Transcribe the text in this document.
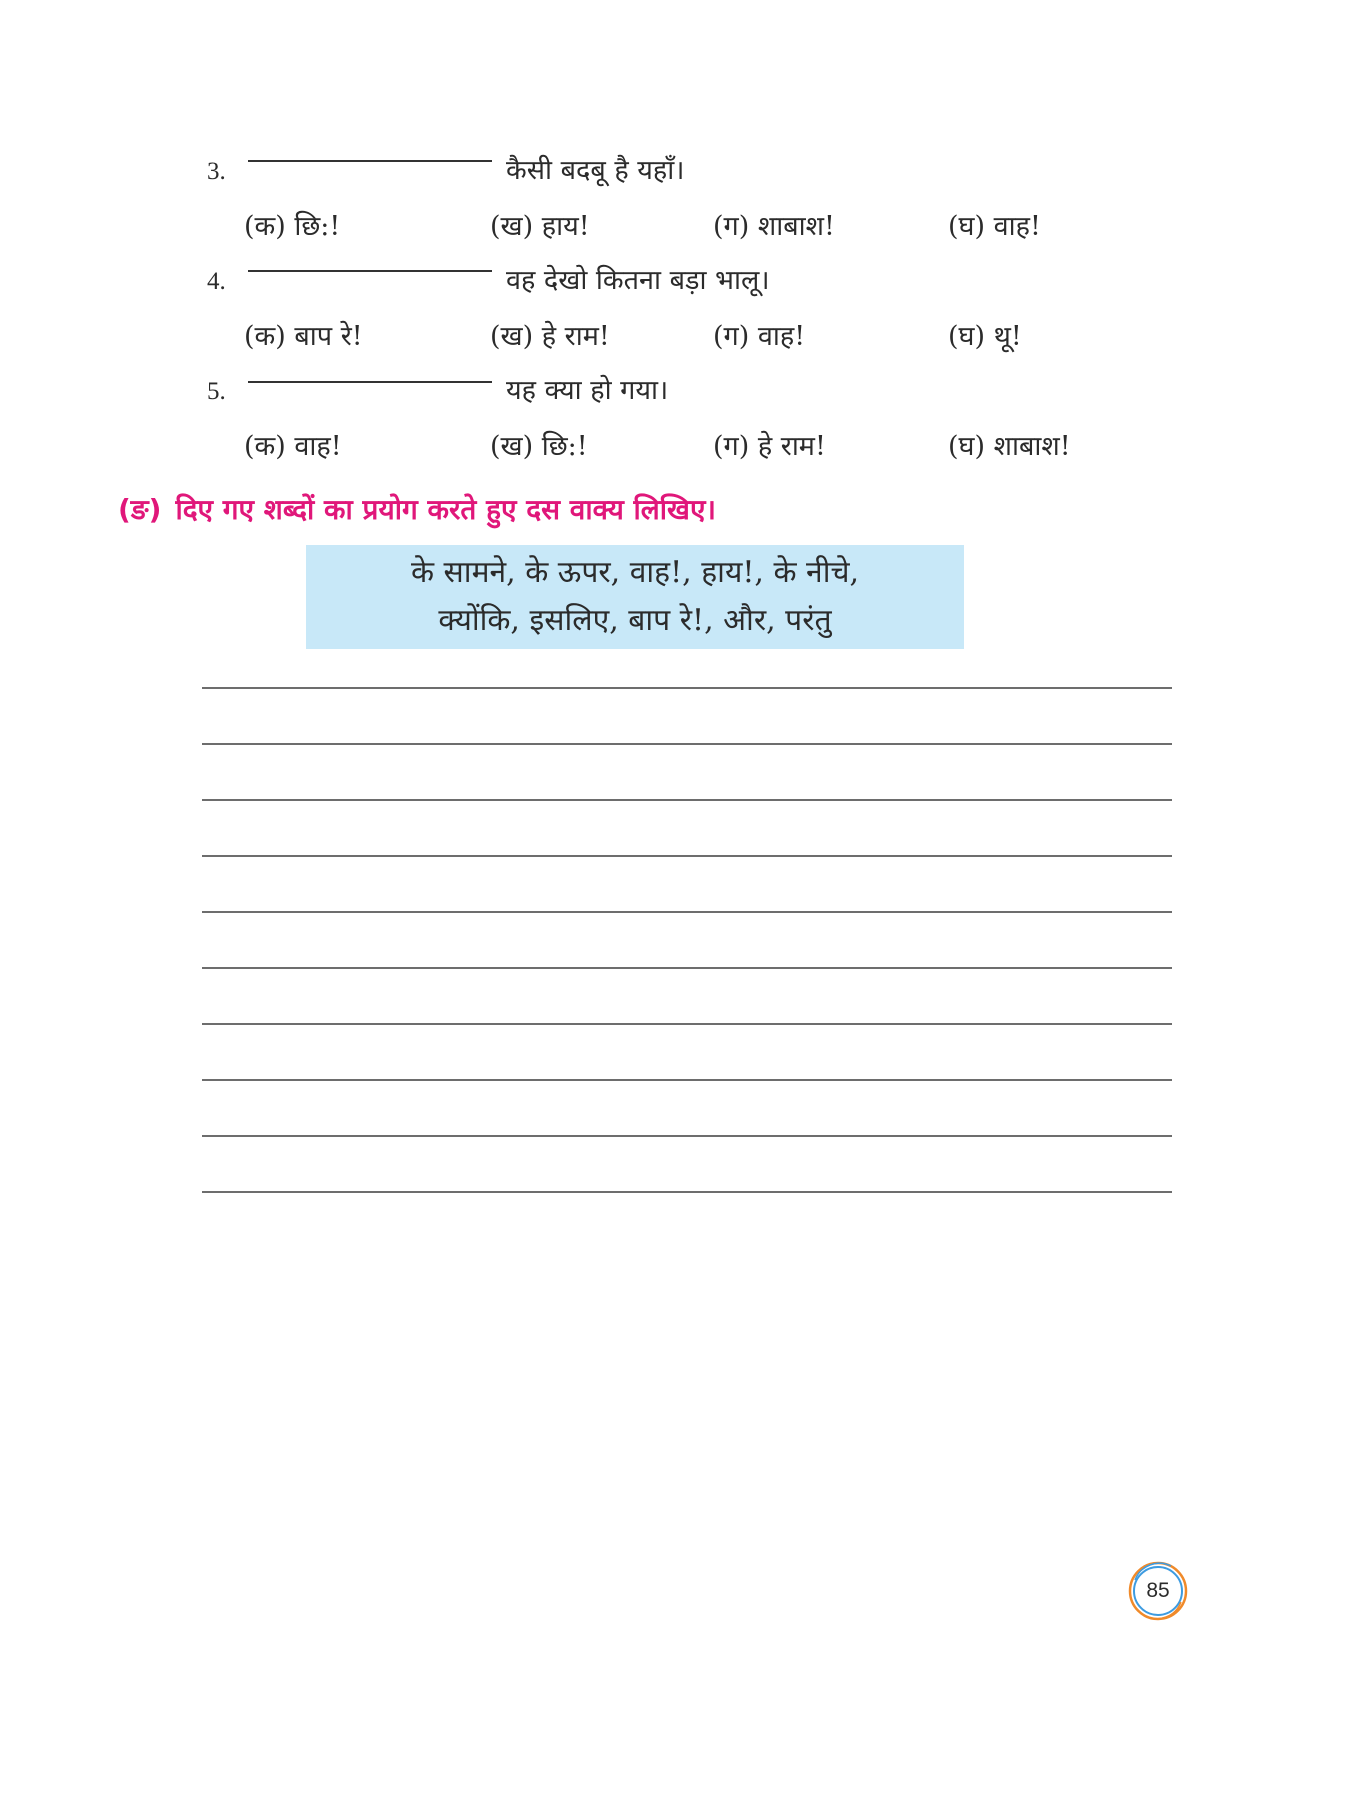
3.	कैसी बदबू है यहाँ।
(क) छि:!	(ख) हाय!	(ग) शाबाश!	(घ) वाह!
4.	वह देखो कितना बड़ा भालू।
(क) बाप रे!	(ख) हे राम!	(ग) वाह!	(घ) थू!
5.	यह क्या हो गया।
(क) वाह!	(ख) छि:!	(ग) हे राम!	(घ) शाबाश!
(ङ) दिए गए शब्दों का प्रयोग करते हुए दस वाक्य लिखिए।
के सामने, के ऊपर, वाह!, हाय!, के नीचे,
क्योंकि, इसलिए, बाप रे!, और, परंतु
85
